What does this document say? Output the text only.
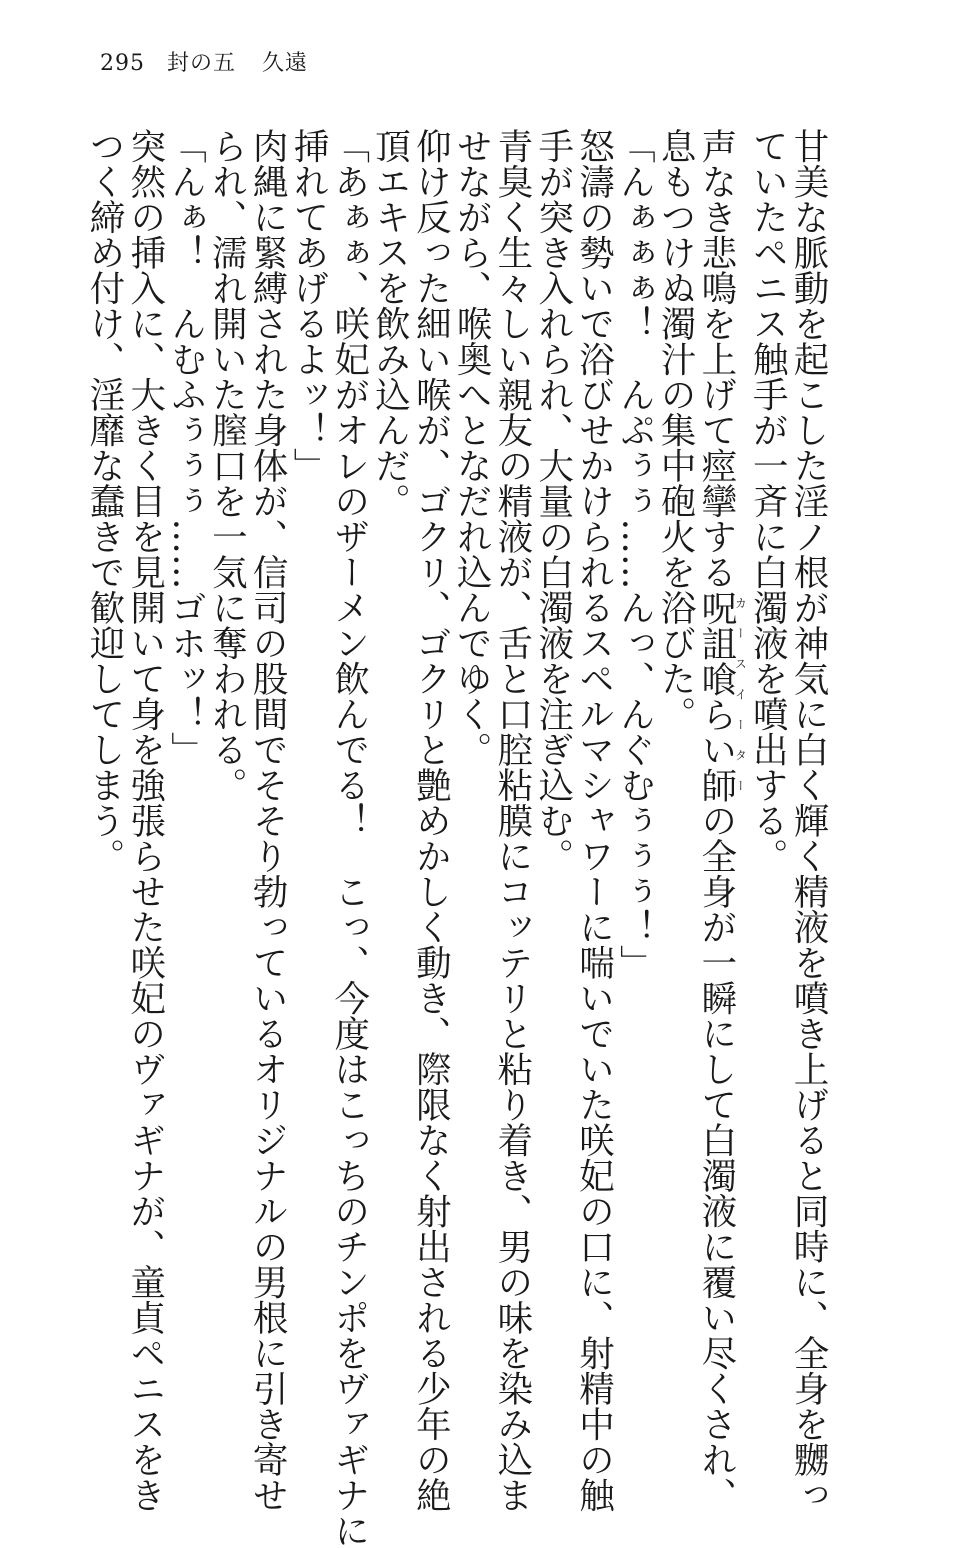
295 封の五 久遠
甘美な脈動を起こした淫ノ根が神気に白く輝く精液を噴き上げると同時に、全身を嬲っ
ていたペニス触手が一斉に白濁液を噴出する。
声なき悲鳴を上げて痙攣する呪詛喰らい師カースイーターの全身が一瞬にして白濁液に覆い尽くされ、
息もつけぬ濁汁の集中砲火を浴びた。
「んぁぁぁ！　んぷぅぅ……んっ、んぐむぅぅぅ！」
怒濤の勢いで浴びせかけられるスペルマシャワーに喘いでいた咲妃の口に、射精中の触
手が突き入れられ、大量の白濁液を注ぎ込む。
青臭く生々しい親友の精液が、舌と口腔粘膜にコッテリと粘り着き、男の味を染み込ま
せながら、喉奥へとなだれ込んでゆく。
仰け反った細い喉が、ゴクリ、ゴクリと艶めかしく動き、際限なく射出される少年の絶
頂エキスを飲み込んだ。
「あぁぁ、咲妃がオレのザーメン飲んでる！　こっ、今度はこっちのチンポをヴァギナに
挿れてあげるよッ！」
肉縄に緊縛された身体が、信司の股間でそそり勃っているオリジナルの男根に引き寄せ
られ、濡れ開いた膣口を一気に奪われる。
「んぁ！　んむふぅぅぅ……ゴホッ！」
突然の挿入に、大きく目を見開いて身を強張らせた咲妃のヴァギナが、童貞ペニスをき
つく締め付け、淫靡な蠢きで歓迎してしまう。
